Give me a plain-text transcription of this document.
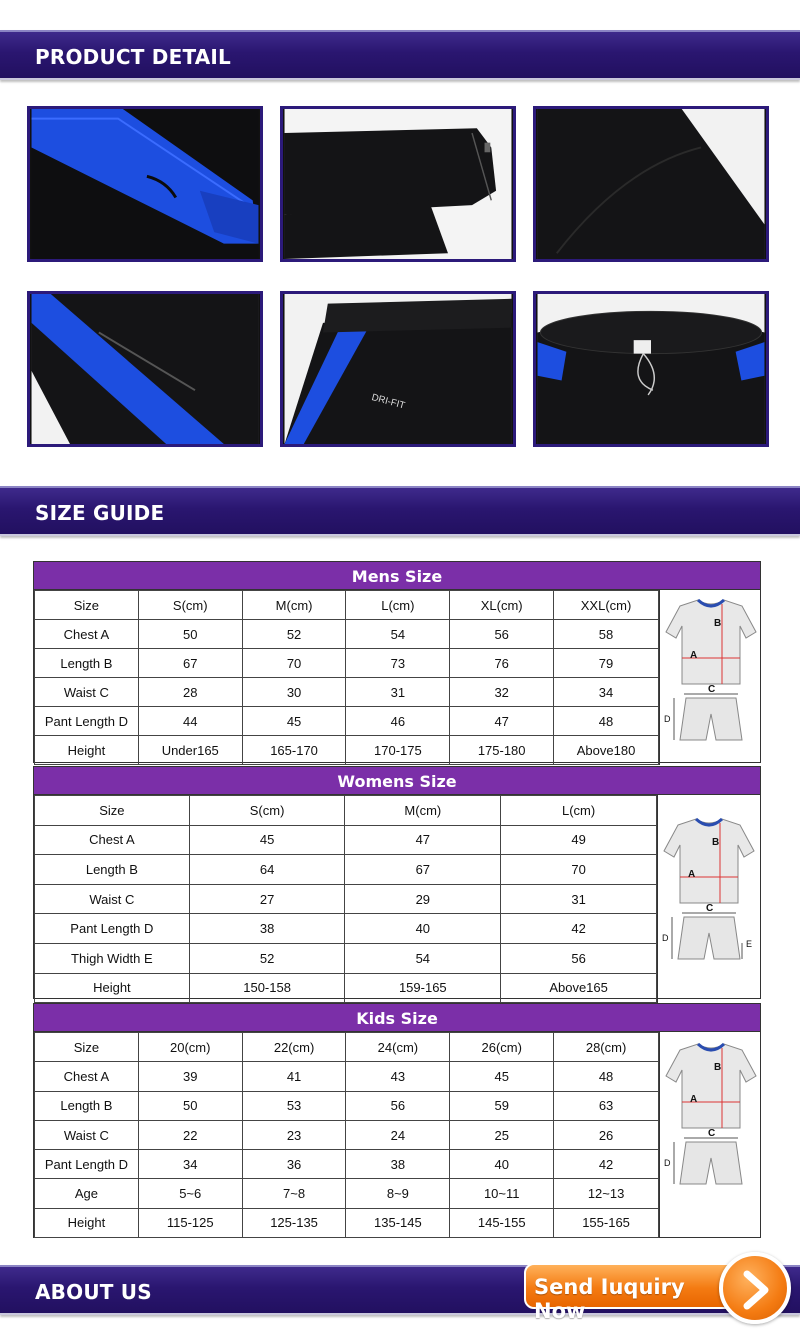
PRODUCT DETAIL
DRI-FIT
SIZE GUIDE
Mens Size
Size	S(cm)	M(cm)	L(cm)	XL(cm)	XXL(cm)
Chest A	50	52	54	56	58
Length B	67	70	73	76	79
Waist C	28	30	31	32	34
Pant Length D	44	45	46	47	48
Height	Under165	165-170	170-175	175-180	Above180
B
A
C
D
Womens Size
Size	S(cm)	M(cm)	L(cm)
Chest A	45	47	49
Length B	64	67	70
Waist C	27	29	31
Pant Length D	38	40	42
Thigh Width E	52	54	56
Height	150-158	159-165	Above165
B
A
C
D
E
Kids Size
Size	20(cm)	22(cm)	24(cm)	26(cm)	28(cm)
Chest A	39	41	43	45	48
Length B	50	53	56	59	63
Waist C	22	23	24	25	26
Pant Length D	34	36	38	40	42
Age	5~6	7~8	8~9	10~11	12~13
Height	115-125	125-135	135-145	145-155	155-165
B
A
C
D
ABOUT US	Send Iuquiry Now
